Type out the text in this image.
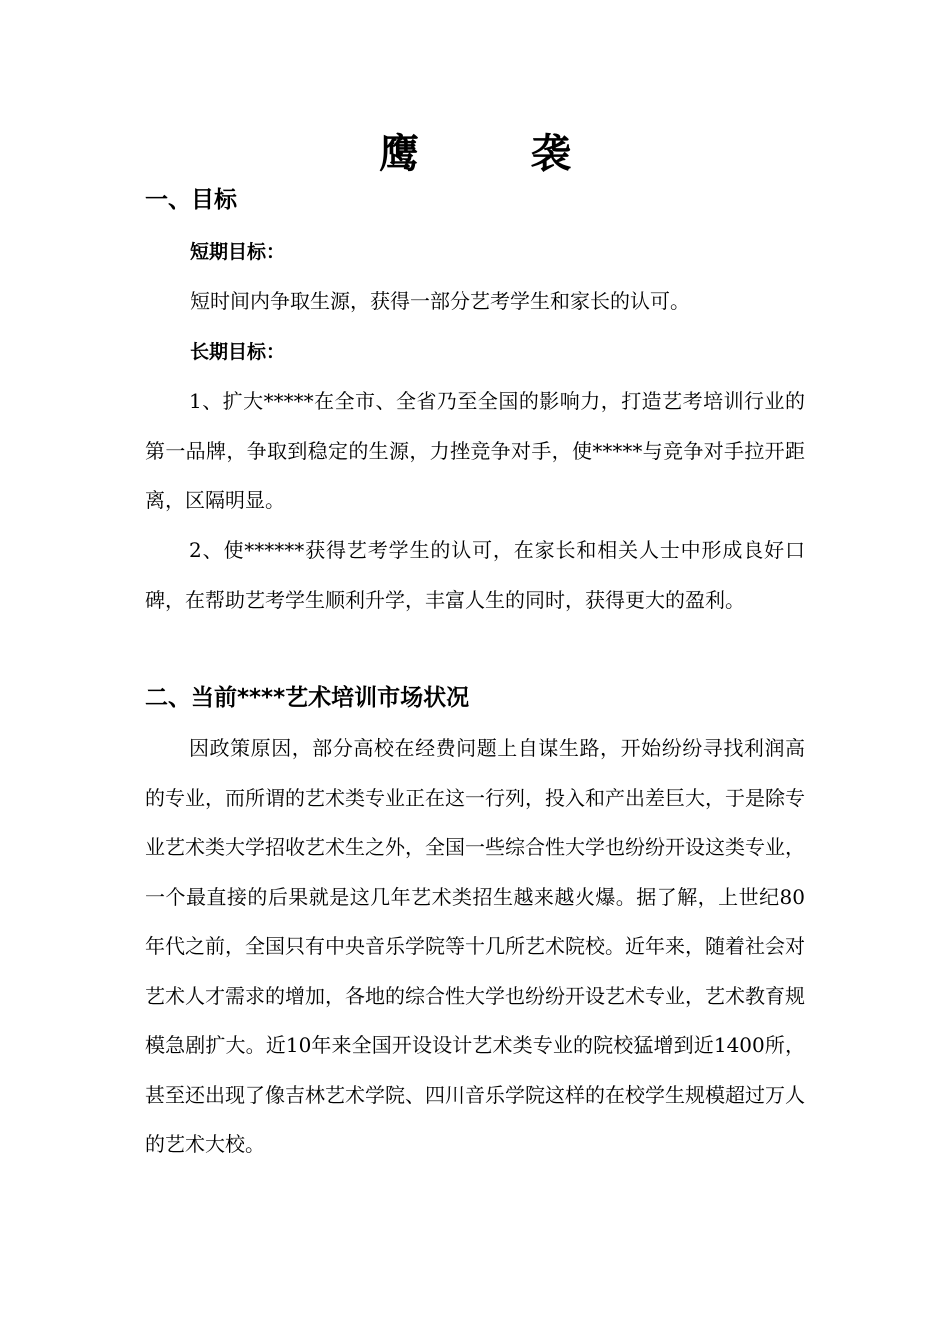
鹰　袭
一、目标
短期目标：
短时间内争取生源，获得一部分艺考学生和家长的认可。
长期目标：

1、扩大*****在全市、全省乃至全国的影响力，打造艺考培训行业的第一品牌，争取到稳定的生源，力挫竞争对手，使*****与竞争对手拉开距离，区隔明显。

2、使******获得艺考学生的认可，在家长和相关人士中形成良好口碑，在帮助艺考学生顺利升学，丰富人生的同时，获得更大的盈利。

二、当前****艺术培训市场状况

因政策原因，部分高校在经费问题上自谋生路，开始纷纷寻找利润高的专业，而所谓的艺术类专业正在这一行列，投入和产出差巨大，于是除专业艺术类大学招收艺术生之外，全国一些综合性大学也纷纷开设这类专业，一个最直接的后果就是这几年艺术类招生越来越火爆。据了解，上世纪80年代之前，全国只有中央音乐学院等十几所艺术院校。近年来，随着社会对艺术人才需求的增加，各地的综合性大学也纷纷开设艺术专业，艺术教育规模急剧扩大。近10年来全国开设设计艺术类专业的院校猛增到近1400所，甚至还出现了像吉林艺术学院、四川音乐学院这样的在校学生规模超过万人的艺术大校。
